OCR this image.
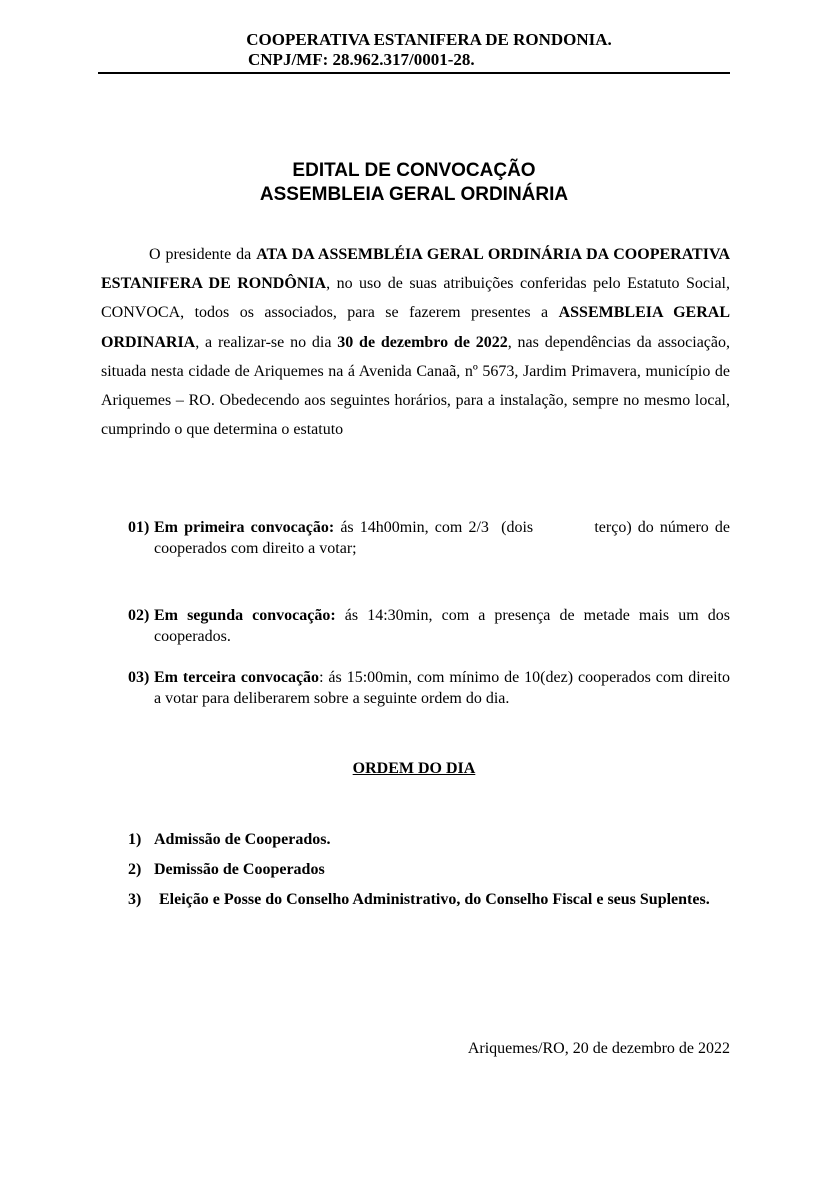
COOPERATIVA ESTANIFERA DE RONDONIA.
CNPJ/MF: 28.962.317/0001-28.
EDITAL DE CONVOCAÇÃO
ASSEMBLEIA GERAL ORDINÁRIA
O presidente da ATA DA ASSEMBLÉIA GERAL ORDINÁRIA DA COOPERATIVA ESTANIFERA DE RONDÔNIA, no uso de suas atribuições conferidas pelo Estatuto Social, CONVOCA, todos os associados, para se fazerem presentes a ASSEMBLEIA GERAL ORDINARIA, a realizar-se no dia 30 de dezembro de 2022, nas dependências da associação, situada nesta cidade de Ariquemes na á Avenida Canaã, nº 5673, Jardim Primavera, município de Ariquemes – RO. Obedecendo aos seguintes horários, para a instalação, sempre no mesmo local, cumprindo o que determina o estatuto
01) Em primeira convocação: ás 14h00min, com 2/3  (dois          terço) do número de cooperados com direito a votar;
02) Em segunda convocação: ás 14:30min, com a presença de metade mais um dos cooperados.
03) Em terceira convocação: ás 15:00min, com mínimo de 10(dez) cooperados com direito a votar para deliberarem sobre a seguinte ordem do dia.
ORDEM DO DIA
1) Admissão de Cooperados.
2) Demissão de Cooperados
3) Eleição e Posse do Conselho Administrativo, do Conselho Fiscal e seus Suplentes.
Ariquemes/RO, 20 de dezembro de 2022
